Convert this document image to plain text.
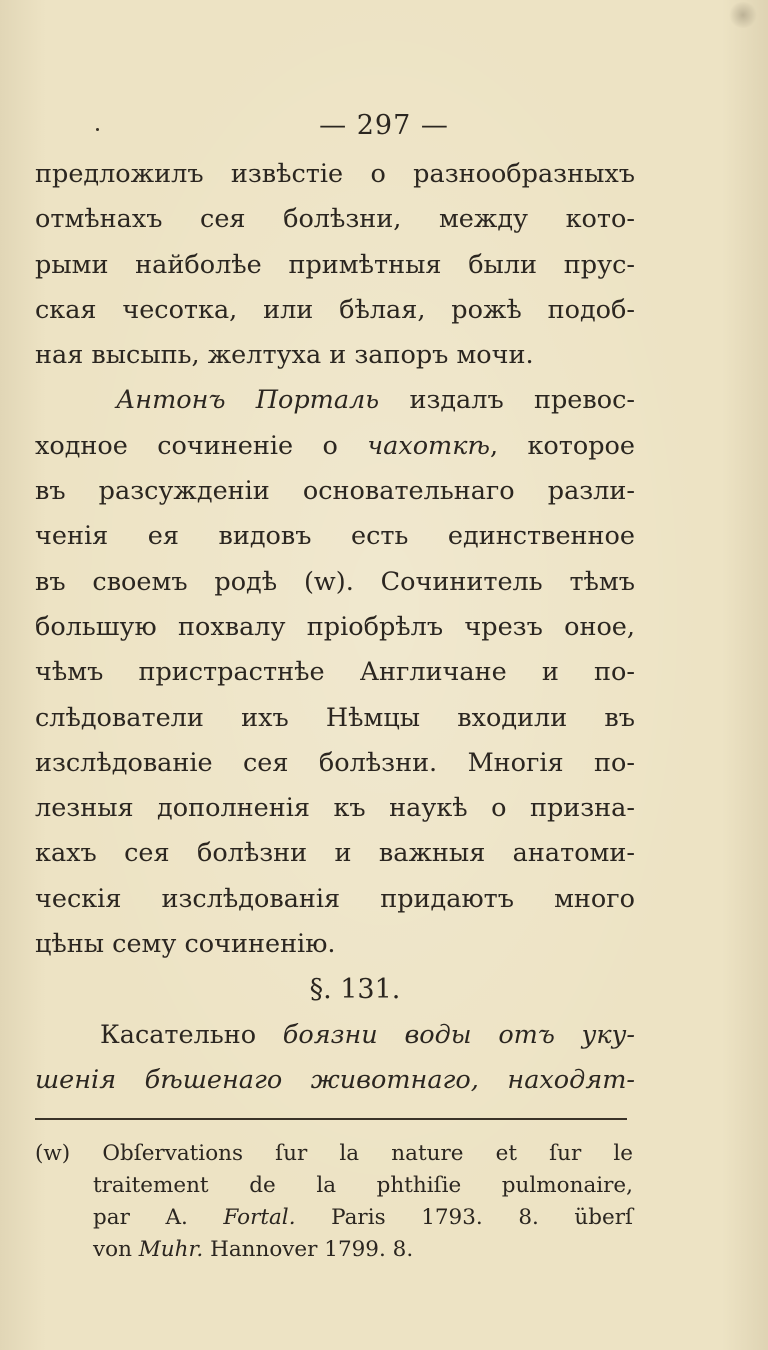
— 297 —
предложилъ извѣстіе о разнообразныхъ
отмѣнахъ сея болѣзни, между кото-
рыми найболѣе примѣтныя были прус-
ская чесотка, или бѣлая, рожѣ подоб-
ная высыпь, желтуха и запоръ мочи.
Антонъ Порталь издалъ превос-
ходное сочиненіе о чахоткѣ, которое
въ разсужденіи основательнаго разли-
ченія ея видовъ есть единственное
въ своемъ родѣ (w). Сочинитель тѣмъ
большую похвалу пріобрѣлъ чрезъ оное,
чѣмъ пристрастнѣе Англичане и по-
слѣдователи ихъ Нѣмцы входили въ
изслѣдованіе сея болѣзни. Многія по-
лезныя дополненія къ наукѣ о призна-
кахъ сея болѣзни и важныя анатоми-
ческія изслѣдованія придаютъ много
цѣны сему сочиненію.
§. 131.
Касательно боязни воды отъ уку-
шенія бѣшенаго животнаго, находят-
(w) Obſervations ſur la nature et ſur le
traitement de la phthiſie pulmonaire,
par A. Fortal. Paris 1793. 8. überſ
von Muhr. Hannover 1799. 8.
